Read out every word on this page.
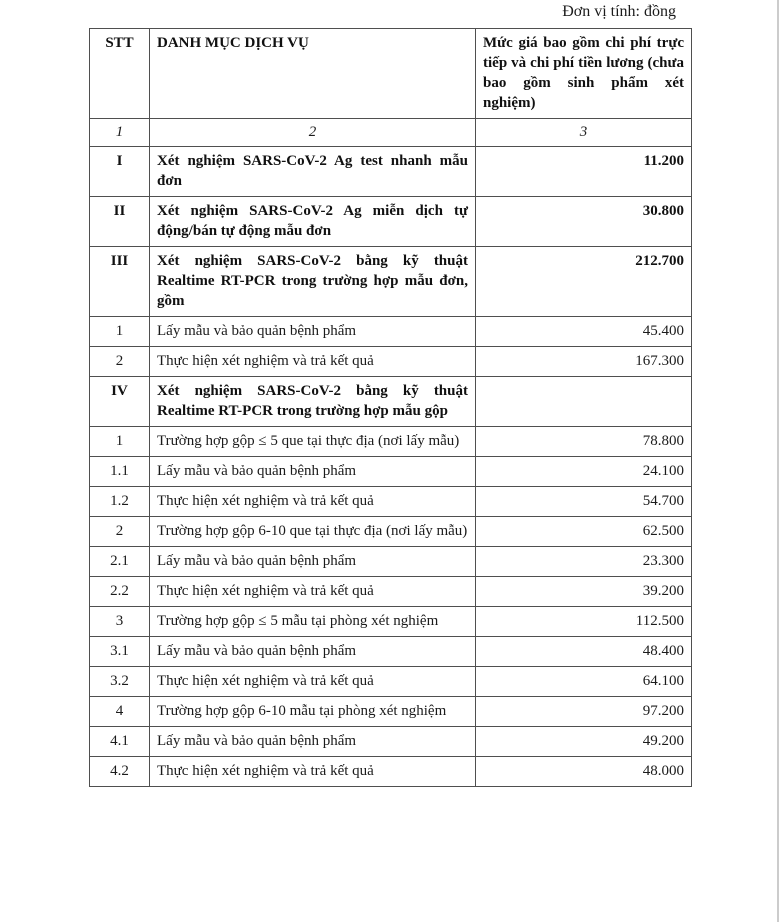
Đơn vị tính: đồng
STT	DANH MỤC DỊCH VỤ	Mức giá bao gồm chi phí trực tiếp và chi phí tiền lương (chưa bao gồm sinh phẩm xét nghiệm)
1	2	3
I	Xét nghiệm SARS-CoV-2 Ag test nhanh mẫu đơn	11.200
II	Xét nghiệm SARS-CoV-2 Ag miễn dịch tự động/bán tự động mẫu đơn	30.800
III	Xét nghiệm SARS-CoV-2 bằng kỹ thuật Realtime RT-PCR trong trường hợp mẫu đơn, gồm	212.700
1	Lấy mẫu và bảo quản bệnh phẩm	45.400
2	Thực hiện xét nghiệm và trả kết quả	167.300
IV	Xét nghiệm SARS-CoV-2 bằng kỹ thuật Realtime RT-PCR trong trường hợp mẫu gộp	
1	Trường hợp gộp ≤ 5 que tại thực địa (nơi lấy mẫu)	78.800
1.1	Lấy mẫu và bảo quản bệnh phẩm	24.100
1.2	Thực hiện xét nghiệm và trả kết quả	54.700
2	Trường hợp gộp 6-10 que tại thực địa (nơi lấy mẫu)	62.500
2.1	Lấy mẫu và bảo quản bệnh phẩm	23.300
2.2	Thực hiện xét nghiệm và trả kết quả	39.200
3	Trường hợp gộp ≤ 5 mẫu tại phòng xét nghiệm	112.500
3.1	Lấy mẫu và bảo quản bệnh phẩm	48.400
3.2	Thực hiện xét nghiệm và trả kết quả	64.100
4	Trường hợp gộp 6-10 mẫu tại phòng xét nghiệm	97.200
4.1	Lấy mẫu và bảo quản bệnh phẩm	49.200
4.2	Thực hiện xét nghiệm và trả kết quả	48.000
